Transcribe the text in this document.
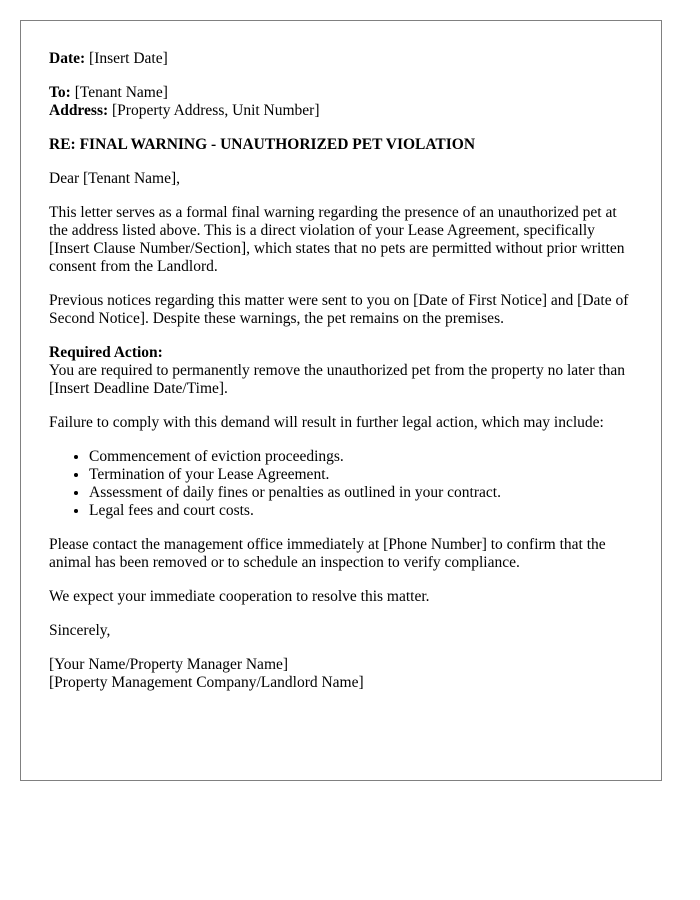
Date: [Insert Date]

To: [Tenant Name]
Address: [Property Address, Unit Number]

RE: FINAL WARNING - UNAUTHORIZED PET VIOLATION

Dear [Tenant Name],

This letter serves as a formal final warning regarding the presence of an unauthorized pet at the address listed above. This is a direct violation of your Lease Agreement, specifically [Insert Clause Number/Section], which states that no pets are permitted without prior written consent from the Landlord.

Previous notices regarding this matter were sent to you on [Date of First Notice] and [Date of Second Notice]. Despite these warnings, the pet remains on the premises.

Required Action:
You are required to permanently remove the unauthorized pet from the property no later than [Insert Deadline Date/Time].

Failure to comply with this demand will result in further legal action, which may include:

• Commencement of eviction proceedings.
• Termination of your Lease Agreement.
• Assessment of daily fines or penalties as outlined in your contract.
• Legal fees and court costs.

Please contact the management office immediately at [Phone Number] to confirm that the animal has been removed or to schedule an inspection to verify compliance.

We expect your immediate cooperation to resolve this matter.

Sincerely,

[Your Name/Property Manager Name]
[Property Management Company/Landlord Name]
